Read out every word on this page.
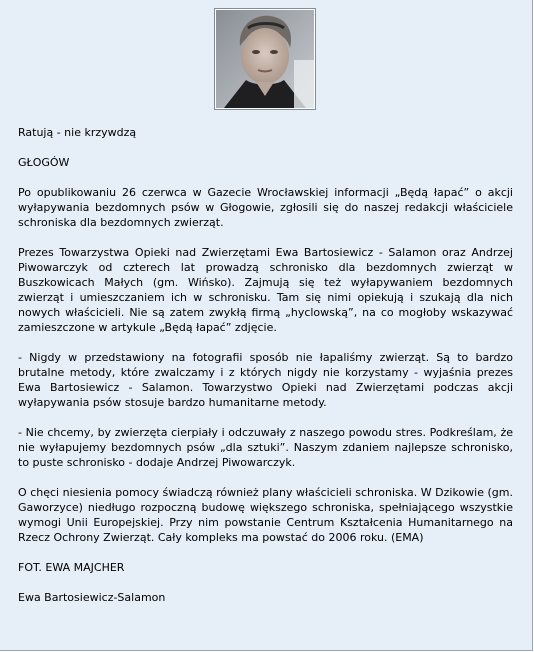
Ratują - nie krzywdzą

GŁOGÓW

Po opublikowaniu 26 czerwca w Gazecie Wrocławskiej informacji „Będą łapać” o akcji wyłapywania bezdomnych psów w Głogowie, zgłosili się do naszej redakcji właściciele schroniska dla bezdomnych zwierząt.

Prezes Towarzystwa Opieki nad Zwierzętami Ewa Bartosiewicz - Salamon oraz Andrzej Piwowarczyk od czterech lat prowadzą schronisko dla bezdomnych zwierząt w Buszkowicach Małych (gm. Wińsko). Zajmują się też wyłapywaniem bezdomnych zwierząt i umieszczaniem ich w schronisku. Tam się nimi opiekują i szukają dla nich nowych właścicieli. Nie są zatem zwykłą firmą „hyclowską”, na co mogłoby wskazywać zamieszczone w artykule „Będą łapać” zdjęcie.

- Nigdy w przedstawiony na fotografii sposób nie łapaliśmy zwierząt. Są to bardzo brutalne metody, które zwalczamy i z których nigdy nie korzystamy - wyjaśnia prezes Ewa Bartosiewicz - Salamon. Towarzystwo Opieki nad Zwierzętami podczas akcji wyłapywania psów stosuje bardzo humanitarne metody.

- Nie chcemy, by zwierzęta cierpiały i odczuwały z naszego powodu stres. Podkreślam, że nie wyłapujemy bezdomnych psów „dla sztuki”. Naszym zdaniem najlepsze schronisko, to puste schronisko - dodaje Andrzej Piwowarczyk.

O chęci niesienia pomocy świadczą również plany właścicieli schroniska. W Dzikowie (gm. Gaworzyce) niedługo rozpoczną budowę większego schroniska, spełniającego wszystkie wymogi Unii Europejskiej. Przy nim powstanie Centrum Kształcenia Humanitarnego na Rzecz Ochrony Zwierząt. Cały kompleks ma powstać do 2006 roku. (EMA)

FOT. EWA MAJCHER

Ewa Bartosiewicz-Salamon
